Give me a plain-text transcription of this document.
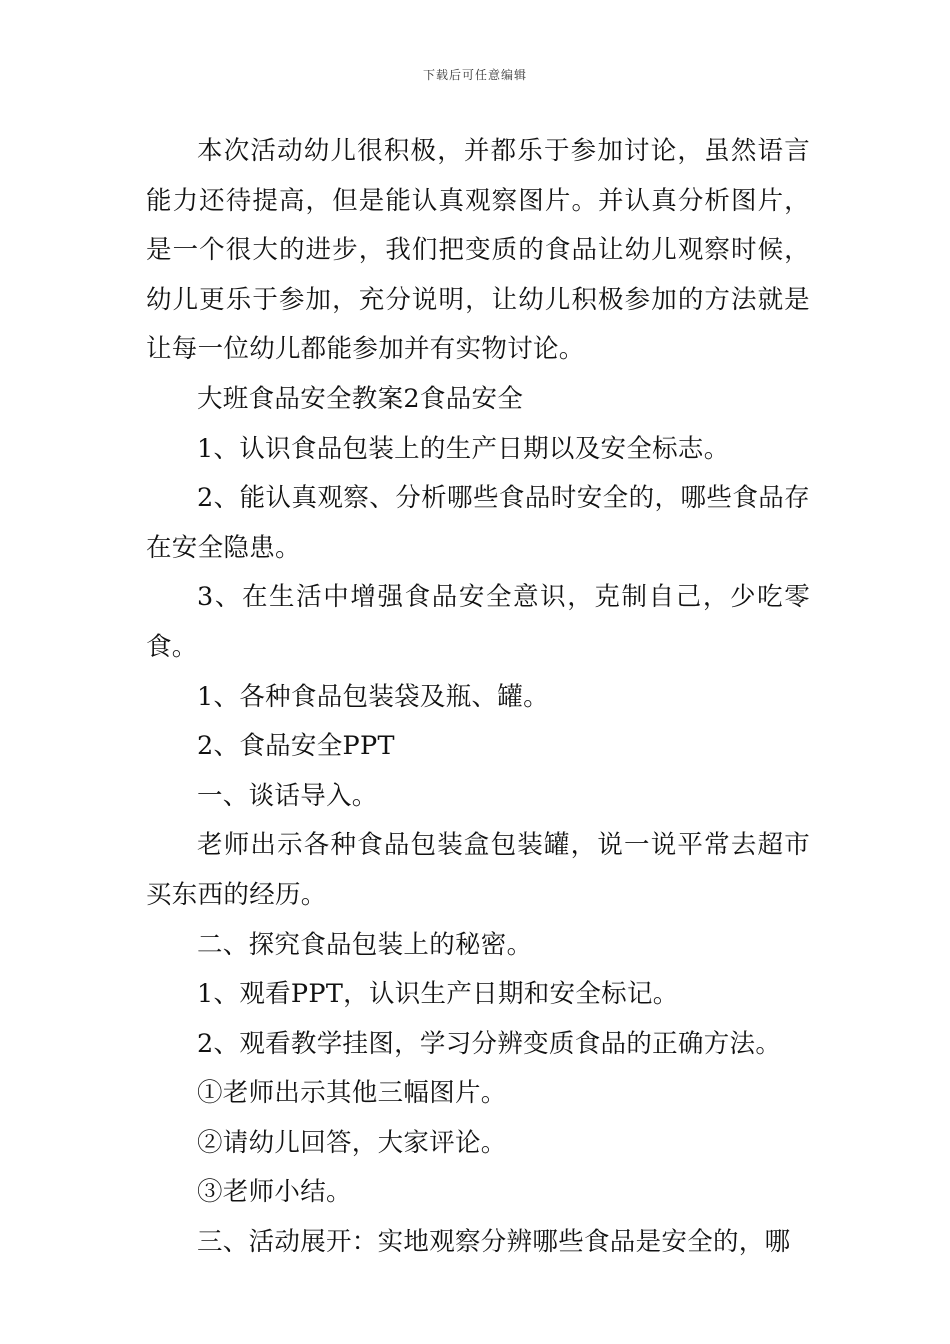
下载后可任意编辑

本次活动幼儿很积极，并都乐于参加讨论，虽然语言能力还待提高，但是能认真观察图片。并认真分析图片，是一个很大的进步，我们把变质的食品让幼儿观察时候，幼儿更乐于参加，充分说明，让幼儿积极参加的方法就是让每一位幼儿都能参加并有实物讨论。

大班食品安全教案2食品安全

1、认识食品包装上的生产日期以及安全标志。

2、能认真观察、分析哪些食品时安全的，哪些食品存在安全隐患。

3、在生活中增强食品安全意识，克制自己，少吃零食。

1、各种食品包装袋及瓶、罐。

2、食品安全PPT

一、谈话导入。

老师出示各种食品包装盒包装罐，说一说平常去超市买东西的经历。

二、探究食品包装上的秘密。

1、观看PPT，认识生产日期和安全标记。

2、观看教学挂图，学习分辨变质食品的正确方法。

①老师出示其他三幅图片。

②请幼儿回答，大家评论。

③老师小结。

三、活动展开：实地观察分辨哪些食品是安全的，哪
